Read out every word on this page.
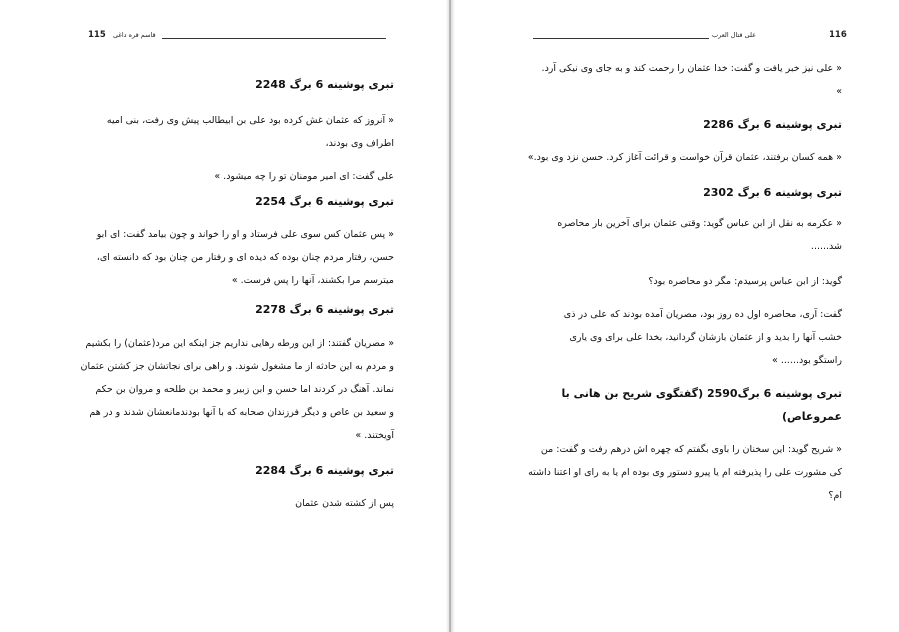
115 قاسم قره داغی
تبری پوشینه 6 برگ 2248
« آنروز که عثمان غش کرده بود علی بن ابیطالب پیش وی رفت، بنی امیه
اطراف وی بودند،
علی گفت: ای امیر مومنان تو را چه میشود. »
تبری پوشینه 6 برگ 2254
« پس عثمان کس سوی علی فرستاد و او را خواند و چون بیامد گفت: ای ابو
حسن، رفتار مردم چنان بوده که دیده ای و رفتار من چنان بود که دانسته ای،
میترسم مرا بکشند، آنها را پس فرست. »
تبری پوشینه 6 برگ 2278
« مصریان گفتند: از این ورطه رهایی نداریم جز اینکه این مرد(عثمان) را بکشیم
و مردم به این حادثه از ما مشغول شوند. و راهی برای نجاتشان جز کشتن عثمان
نماند. آهنگ در کردند اما حسن و ابن زبیر و محمد بن طلحه و مروان بن حکم
و سعید بن عاص و دیگر فرزندان صحابه که با آنها بودندمانعشان شدند و در هم
آویختند. »
تبری پوشینه 6 برگ 2284
پس از کشته شدن عثمان
علی قتال العرب	116
« علی نیز خبر یافت و گفت: خدا عثمان را رحمت کند و به جای وی نیکی آرد.
»
تبری پوشینه 6 برگ 2286
« همه کسان برفتند، عثمان قرآن خواست و قرائت آغاز کرد. حسن نزد وی بود.»
تبری پوشینه 6 برگ 2302
« عکرمه به نقل از ابن عباس گوید: وقتی عثمان برای آخرین بار محاصره
شد......
گوید: از ابن عباس پرسیدم: مگر دو محاصره بود؟
گفت: آری، محاصره اول ده روز بود، مصریان آمده بودند که علی در ذی
خشب آنها را بدید و از عثمان بازشان گردانید، بخدا علی برای وی یاری
راستگو بود...... »
تبری پوشینه 6 برگ2590 (گفتگوی شریح بن هانی با عمروعاص)
« شریح گوید: این سخنان را باوی بگفتم که چهره اش درهم رفت و گفت: من
کی مشورت علی را پذیرفته ام یا پیرو دستور وی بوده ام یا به رای او اعتنا داشته
ام؟
